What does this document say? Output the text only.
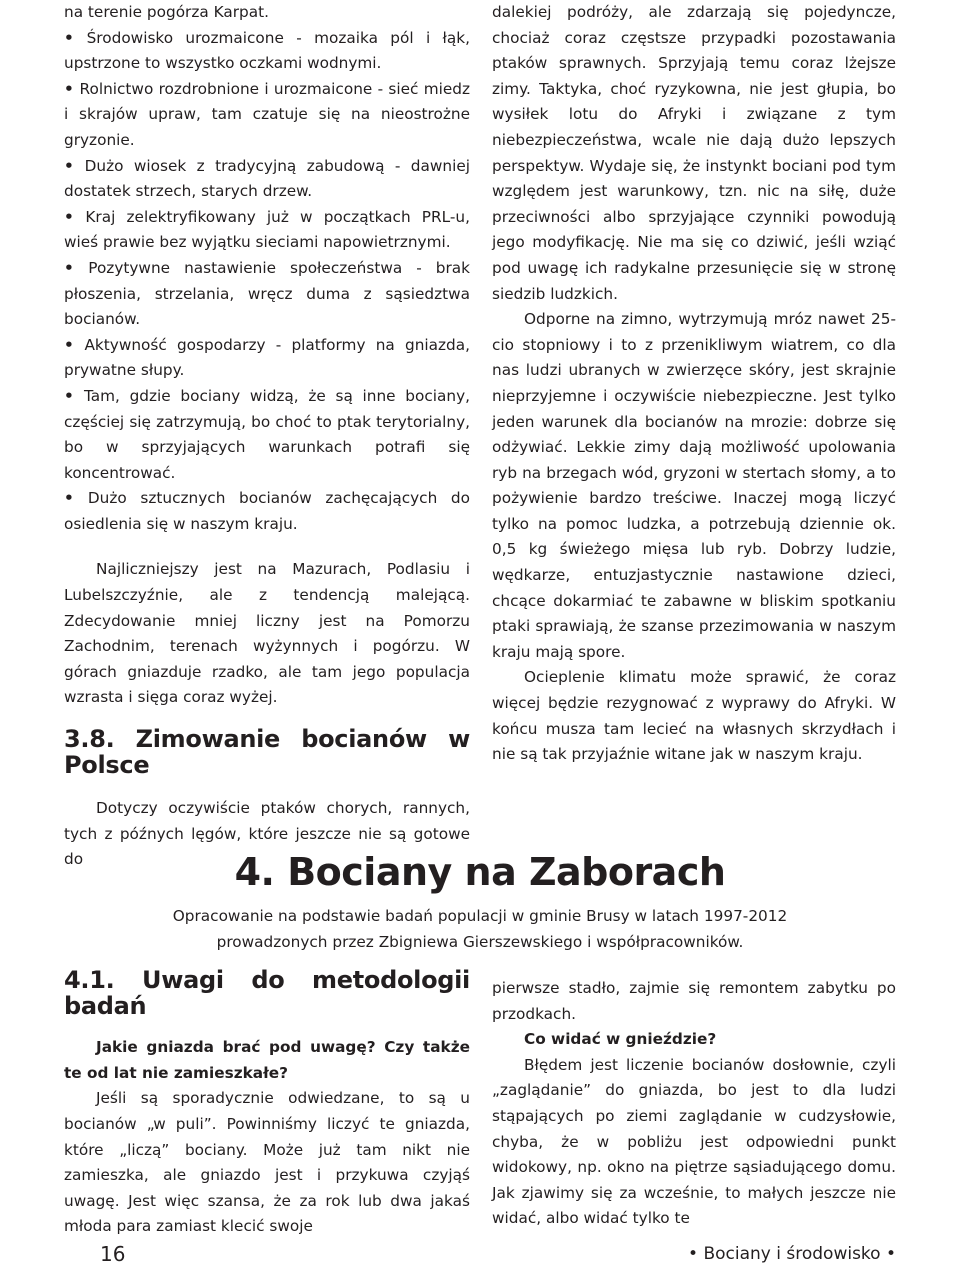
na terenie pogórza Karpat.

• Środowisko urozmaicone - mozaika pól i łąk, upstrzone to wszystko oczkami wodnymi.

• Rolnictwo rozdrobnione i urozmaicone - sieć miedz i skrajów upraw, tam czatuje się na nieostrożne gryzonie.

• Dużo wiosek z tradycyjną zabudową - dawniej dostatek strzech, starych drzew.

• Kraj zelektryfikowany już w początkach PRL-u, wieś prawie bez wyjątku sieciami napowietrznymi.

• Pozytywne nastawienie społeczeństwa - brak płoszenia, strzelania, wręcz duma z sąsiedztwa bocianów.

• Aktywność gospodarzy - platformy na gniazda, prywatne słupy.

• Tam, gdzie bociany widzą, że są inne bociany, częściej się zatrzymują, bo choć to ptak terytorialny, bo w sprzyjających warunkach potrafi się koncentrować.

• Dużo sztucznych bocianów zachęcających do osiedlenia się w naszym kraju.

Najliczniejszy jest na Mazurach, Podlasiu i Lubelszczyźnie, ale z tendencją malejącą. Zdecydowanie mniej liczny jest na Pomorzu Zachodnim, terenach wyżynnych i pogórzu. W górach gniazduje rzadko, ale tam jego populacja wzrasta i sięga coraz wyżej.

3.8. Zimowanie bocianów w Polsce

Dotyczy oczywiście ptaków chorych, rannych, tych z późnych lęgów, które jeszcze nie są gotowe do

dalekiej podróży, ale zdarzają się pojedyncze, chociaż coraz częstsze przypadki pozostawania ptaków sprawnych. Sprzyjają temu coraz lżejsze zimy. Taktyka, choć ryzykowna, nie jest głupia, bo wysiłek lotu do Afryki i związane z tym niebezpieczeństwa, wcale nie dają dużo lepszych perspektyw. Wydaje się, że instynkt bociani pod tym względem jest warunkowy, tzn. nic na siłę, duże przeciwności albo sprzyjające czynniki powodują jego modyfikację. Nie ma się co dziwić, jeśli wziąć pod uwagę ich radykalne przesunięcie się w stronę siedzib ludzkich.

Odporne na zimno, wytrzymują mróz nawet 25-cio stopniowy i to z przenikliwym wiatrem, co dla nas ludzi ubranych w zwierzęce skóry, jest skrajnie nieprzyjemne i oczywiście niebezpieczne. Jest tylko jeden warunek dla bocianów na mrozie: dobrze się odżywiać. Lekkie zimy dają możliwość upolowania ryb na brzegach wód, gryzoni w stertach słomy, a to pożywienie bardzo treściwe. Inaczej mogą liczyć tylko na pomoc ludzka, a potrzebują dziennie ok. 0,5 kg świeżego mięsa lub ryb. Dobrzy ludzie, wędkarze, entuzjastycznie nastawione dzieci, chcące dokarmiać te zabawne w bliskim spotkaniu ptaki sprawiają, że szanse przezimowania w naszym kraju mają spore.

Ocieplenie klimatu może sprawić, że coraz więcej będzie rezygnować z wyprawy do Afryki. W końcu musza tam lecieć na własnych skrzydłach i nie są tak przyjaźnie witane jak w naszym kraju.

4. Bociany na Zaborach

Opracowanie na podstawie badań populacji w gminie Brusy w latach 1997-2012
prowadzonych przez Zbigniewa Gierszewskiego i współpracowników.

4.1. Uwagi do metodologii badań

Jakie gniazda brać pod uwagę? Czy także te od lat nie zamieszkałe?

Jeśli są sporadycznie odwiedzane, to są u bocianów „w puli”. Powinniśmy liczyć te gniazda, które „liczą” bociany. Może już tam nikt nie zamieszka, ale gniazdo jest i przykuwa czyjąś uwagę. Jest więc szansa, że za rok lub dwa jakaś młoda para zamiast klecić swoje

pierwsze stadło, zajmie się remontem zabytku po przodkach.

Co widać w gnieździe?

Błędem jest liczenie bocianów dosłownie, czyli „zaglądanie” do gniazda, bo jest to dla ludzi stąpających po ziemi zaglądanie w cudzysłowie, chyba, że w pobliżu jest odpowiedni punkt widokowy, np. okno na piętrze sąsiadującego domu. Jak zjawimy się za wcześnie, to małych jeszcze nie widać, albo widać tylko te

16	• Bociany i środowisko •
